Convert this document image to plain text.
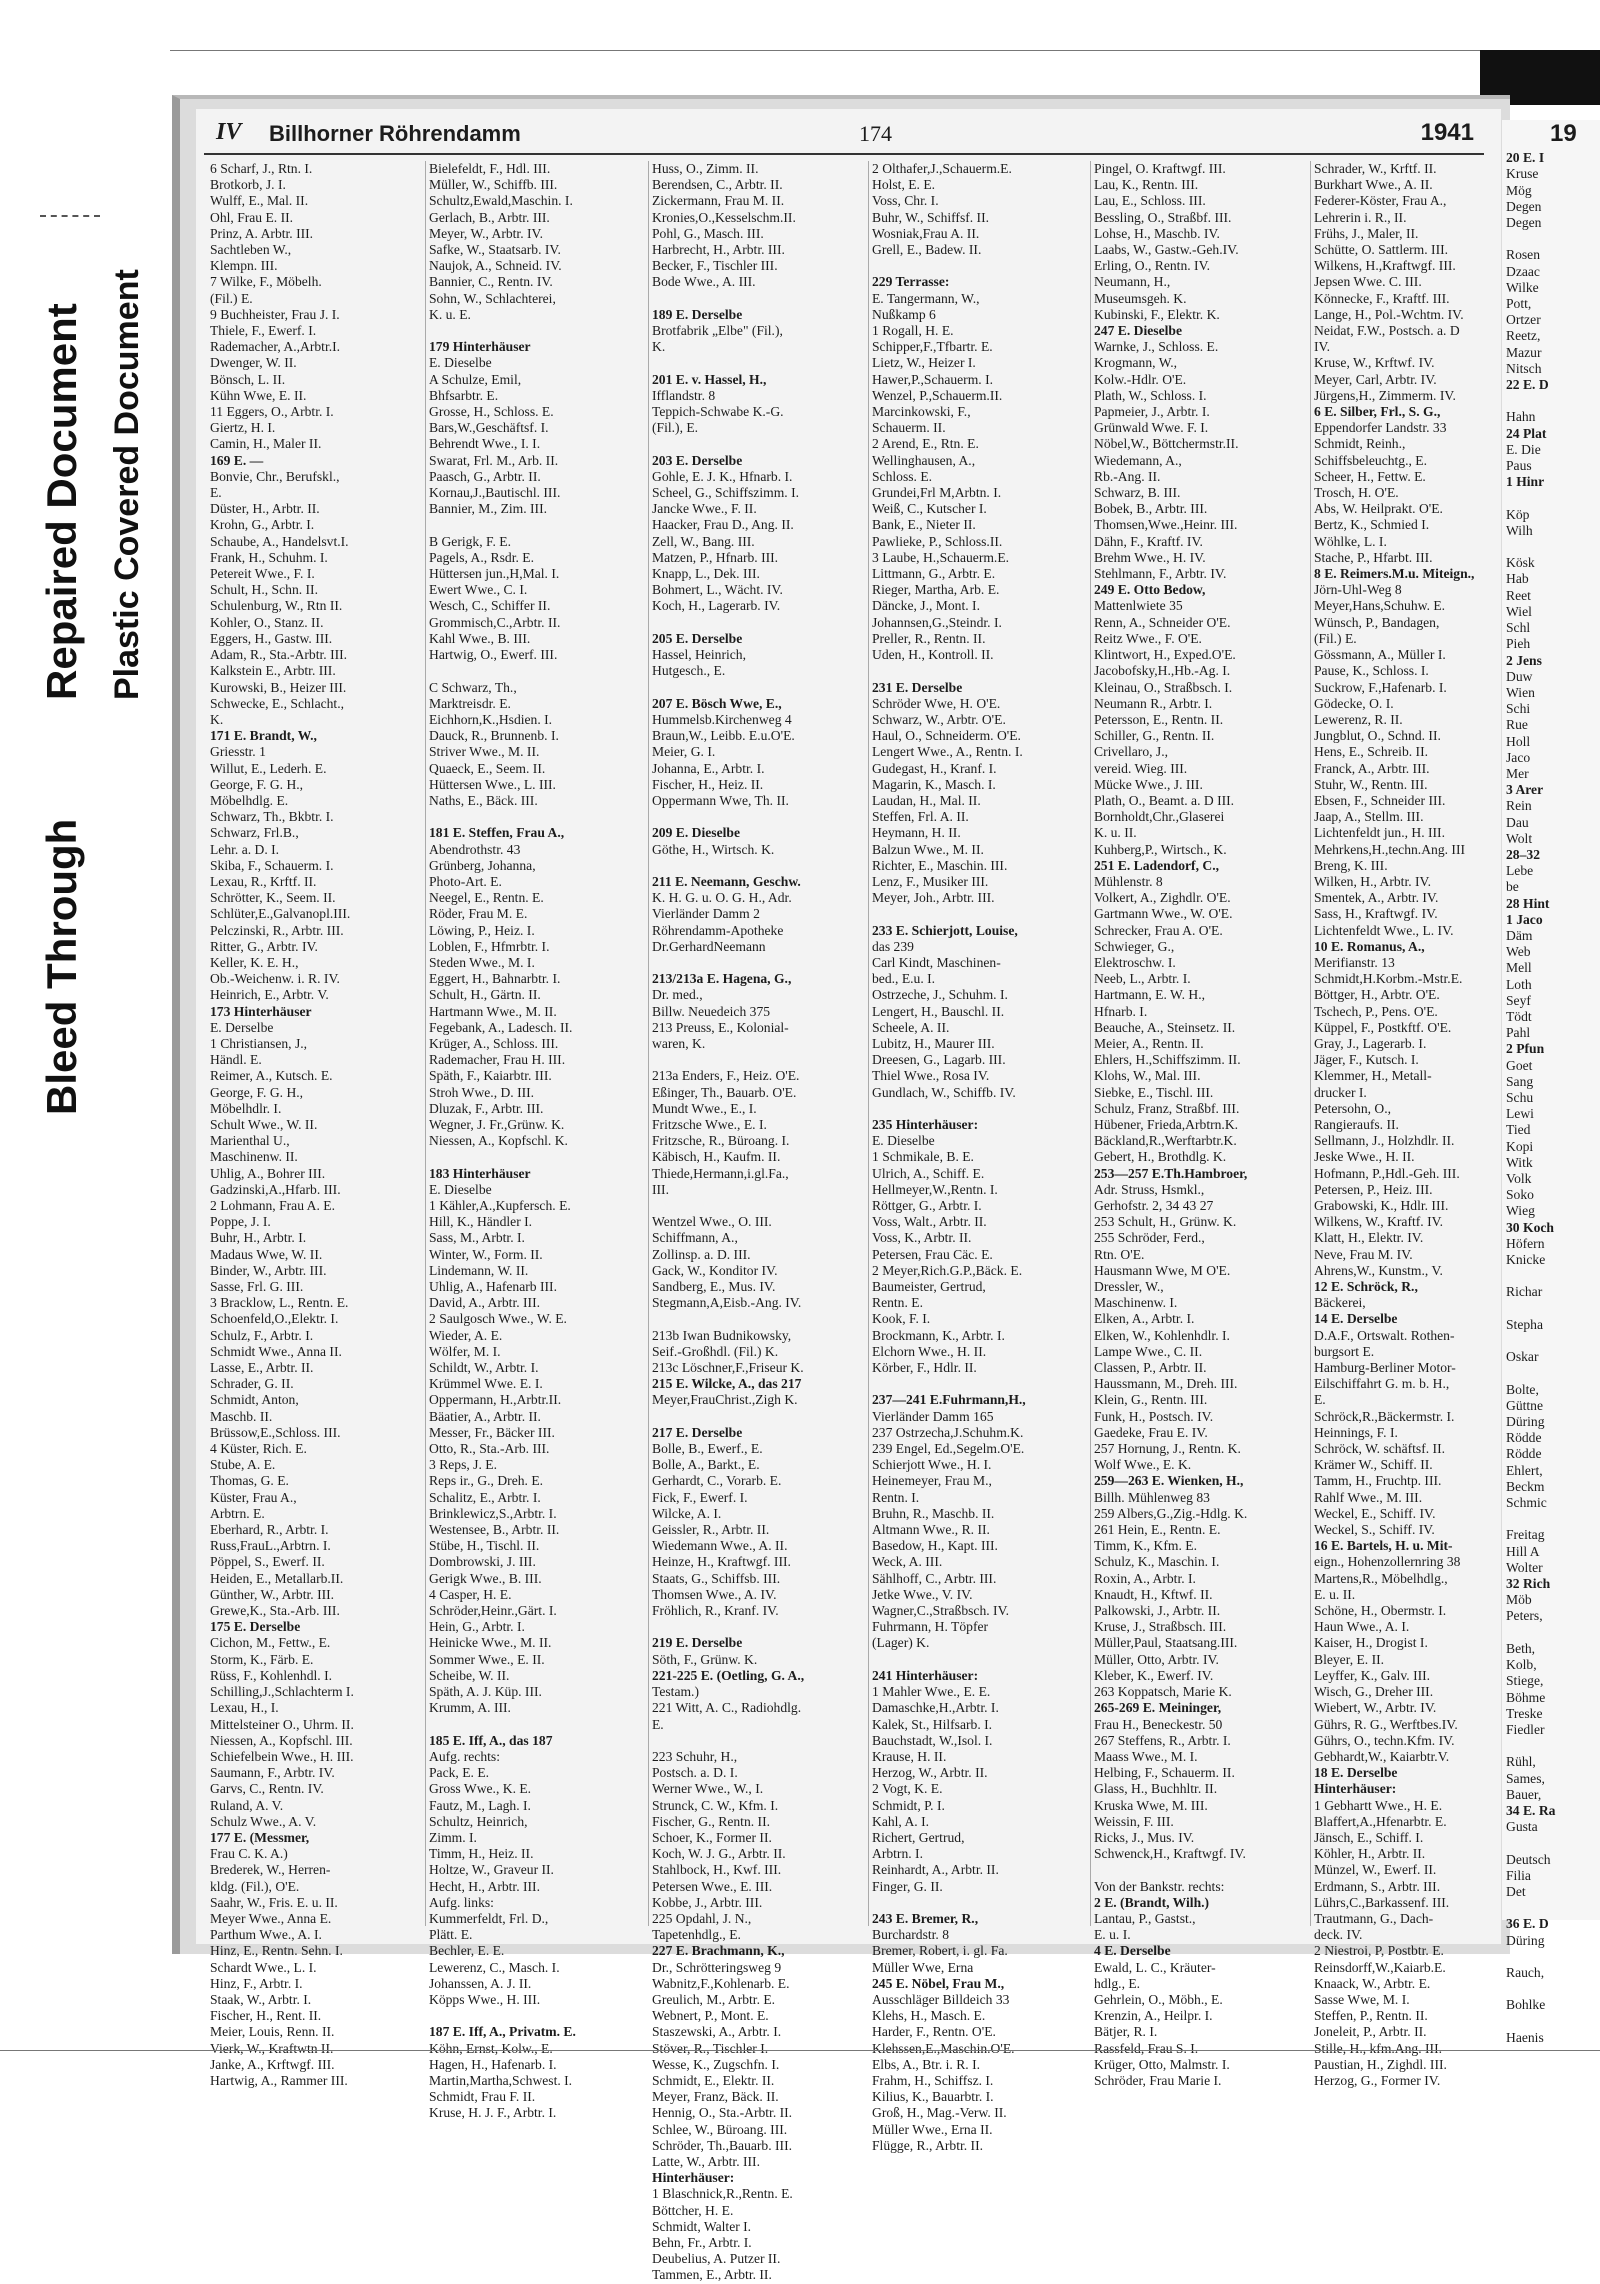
Bleed Through
Repaired Document Plastic Covered Document
IV Billhorner Röhrendamm	174	1941
6 Scharf, J., Rtn. I.
Brotkorb, J. I.
Wulff, E., Mal. II.
Ohl, Frau E. II.
Prinz, A. Arbtr. III.
Sachtleben W.,
Klempn. III.
7 Wilke, F., Möbelh.
(Fil.) E.
9 Buchheister, Frau J. I.
Thiele, F., Ewerf. I.
Rademacher, A.,Arbtr.I.
Dwenger, W. II.
Bönsch, L. II.
Kühn Wwe, E. II.
11 Eggers, O., Arbtr. I.
Giertz, H. I.
Camin, H., Maler II.
169 E. —
Bonvie, Chr., Berufskl.,
E.
Düster, H., Arbtr. II.
Krohn, G., Arbtr. I.
Schaube, A., Handelsvt.I.
Frank, H., Schuhm. I.
Petereit Wwe., F. I.
Schult, H., Schn. II.
Schulenburg, W., Rtn II.
Kohler, O., Stanz. II.
Eggers, H., Gastw. III.
Adam, R., Sta.-Arbtr. III.
Kalkstein E., Arbtr. III.
Kurowski, B., Heizer III.
Schwecke, E., Schlacht.,
K.
171 E. Brandt, W.,
Griesstr. 1
Willut, E., Lederh. E.
George, F. G. H.,
Möbelhdlg. E.
Schwarz, Th., Bkbtr. I.
Schwarz, Frl.B.,
Lehr. a. D. I.
Skiba, F., Schauerm. I.
Lexau, R., Krftf. II.
Schrötter, K., Seem. II.
Schlüter,E.,Galvanopl.III.
Pelczinski, R., Arbtr. III.
Ritter, G., Arbtr. IV.
Keller, K. E. H.,
Ob.-Weichenw. i. R. IV.
Heinrich, E., Arbtr. V.
173 Hinterhäuser
E. Derselbe
1 Christiansen, J.,
Händl. E.
Reimer, A., Kutsch. E.
George, F. G. H.,
Möbelhdlr. I.
Schult Wwe., W. II.
Marienthal U.,
Maschinenw. II.
Uhlig, A., Bohrer III.
Gadzinski,A.,Hfarb. III.
2 Lohmann, Frau A. E.
Poppe, J. I.
Buhr, H., Arbtr. I.
Madaus Wwe, W. II.
Binder, W., Arbtr. III.
Sasse, Frl. G. III.
3 Bracklow, L., Rentn. E.
Schoenfeld,O.,Elektr. I.
Schulz, F., Arbtr. I.
Schmidt Wwe., Anna II.
Lasse, E., Arbtr. II.
Schrader, G. II.
Schmidt, Anton,
Maschb. II.
Brüssow,E.,Schloss. III.
4 Küster, Rich. E.
Stube, A. E.
Thomas, G. E.
Küster, Frau A.,
Arbtrn. E.
Eberhard, R., Arbtr. I.
Russ,FrauL.,Arbtrn. I.
Pöppel, S., Ewerf. II.
Heiden, E., Metallarb.II.
Günther, W., Arbtr. III.
Grewe,K., Sta.-Arb. III.
175 E. Derselbe
Cichon, M., Fettw., E.
Storm, K., Färb. E.
Rüss, F., Kohlenhdl. I.
Schilling,J.,Schlachterm I.
Lexau, H., I.
Mittelsteiner O., Uhrm. II.
Niessen, A., Kopfschl. III.
Schiefelbein Wwe., H. III.
Saumann, F., Arbtr. IV.
Garvs, C., Rentn. IV.
Ruland, A. V.
Schulz Wwe., A. V.
177 E. (Messmer,
Frau C. K. A.)
Brederek, W., Herren-
kldg. (Fil.), O'E.
Saahr, W., Fris. E. u. II.
Meyer Wwe., Anna E.
Parthum Wwe., A. I.
Hinz, E., Rentn. Sehn. I.
Schardt Wwe., L. I.
Hinz, F., Arbtr. I.
Staak, W., Arbtr. I.
Fischer, H., Rent. II.
Meier, Louis, Renn. II.
Vierk, W., Kraftwtn II.
Janke, A., Krftwgf. III.
Hartwig, A., Rammer III.
Bielefeldt, F., Hdl. III.
Müller, W., Schiffb. III.
Schultz,Ewald,Maschin. I.
Gerlach, B., Arbtr. III.
Meyer, W., Arbtr. IV.
Safke, W., Staatsarb. IV.
Naujok, A., Schneid. IV.
Bannier, C., Rentn. IV.
Sohn, W., Schlachterei,
K. u. E.

179 Hinterhäuser
E. Dieselbe
A Schulze, Emil,
Bhfsarbtr. E.
Grosse, H., Schloss. E.
Bars,W.,Geschäftsf. I.
Behrendt Wwe., I. I.
Swarat, Frl. M., Arb. II.
Paasch, G., Arbtr. II.
Kornau,J.,Bautischl. III.
Bannier, M., Zim. III.

B Gerigk, F. E.
Pagels, A., Rsdr. E.
Hüttersen jun.,H,Mal. I.
Ewert Wwe., C. I.
Wesch, C., Schiffer II.
Grommisch,C.,Arbtr. II.
Kahl Wwe., B. III.
Hartwig, O., Ewerf. III.

C Schwarz, Th.,
Marktreisdr. E.
Eichhorn,K.,Hsdien. I.
Dauck, R., Brunnenb. I.
Striver Wwe., M. II.
Quaeck, E., Seem. II.
Hüttersen Wwe., L. III.
Naths, E., Bäck. III.

181 E. Steffen, Frau A.,
Abendrothstr. 43
Grünberg, Johanna,
Photo-Art. E.
Neegel, E., Rentn. E.
Röder, Frau M. E.
Löwing, P., Heiz. I.
Loblen, F., Hfmrbtr. I.
Steden Wwe., M. I.
Eggert, H., Bahnarbtr. I.
Schult, H., Gärtn. II.
Hartmann Wwe., M. II.
Fegebank, A., Ladesch. II.
Krüger, A., Schloss. III.
Rademacher, Frau H. III.
Späth, F., Kaiarbtr. III.
Stroh Wwe., D. III.
Dluzak, F., Arbtr. III.
Wegner, J. Fr.,Grünw. K.
Niessen, A., Kopfschl. K.

183 Hinterhäuser
E. Dieselbe
1 Kähler,A.,Kupfersch. E.
Hill, K., Händler I.
Sass, M., Arbtr. I.
Winter, W., Form. II.
Lindemann, W. II.
Uhlig, A., Hafenarb III.
David, A., Arbtr. III.
2 Saulgosch Wwe., W. E.
Wieder, A. E.
Wölfer, M. I.
Schildt, W., Arbtr. I.
Krümmel Wwe. E. I.
Oppermann, H.,Arbtr.II.
Bäatier, A., Arbtr. II.
Messer, Fr., Bäcker III.
Otto, R., Sta.-Arb. III.
3 Reps, J. E.
Reps ir., G., Dreh. E.
Schalitz, E., Arbtr. I.
Brinklewicz,S.,Arbtr. I.
Westensee, B., Arbtr. II.
Stübe, H., Tischl. II.
Dombrowski, J. III.
Gerigk Wwe., B. III.
4 Casper, H. E.
Schröder,Heinr.,Gärt. I.
Hein, G., Arbtr. I.
Heinicke Wwe., M. II.
Sommer Wwe., E. II.
Scheibe, W. II.
Späth, A. J. Küp. III.
Krumm, A. III.

185 E. Iff, A., das 187
Aufg. rechts:
Pack, E. E.
Gross Wwe., K. E.
Fautz, M., Lagh. I.
Schultz, Heinrich,
Zimm. I.
Timm, H., Heiz. II.
Holtze, W., Graveur II.
Hecht, H., Arbtr. III.
Aufg. links:
Kummerfeldt, Frl. D.,
Plätt. E.
Bechler, E. E.
Lewerenz, C., Masch. I.
Johanssen, A. J. II.
Köpps Wwe., H. III.

187 E. Iff, A., Privatm. E.
Köhn, Ernst, Kolw., E.
Hagen, H., Hafenarb. I.
Martin,Martha,Schwest. I.
Schmidt, Frau F. II.
Kruse, H. J. F., Arbtr. I.
Huss, O., Zimm. II.
Berendsen, C., Arbtr. II.
Zickermann, Frau M. II.
Kronies,O.,Kesselschm.II.
Pohl, G., Masch. III.
Harbrecht, H., Arbtr. III.
Becker, F., Tischler III.
Bode Wwe., A. III.

189 E. Derselbe
Brotfabrik „Elbe" (Fil.),
K.

201 E. v. Hassel, H.,
Ifflandstr. 8
Teppich-Schwabe K.-G.
(Fil.), E.

203 E. Derselbe
Gohle, E. J. K., Hfnarb. I.
Scheel, G., Schiffszimm. I.
Jancke Wwe., F. II.
Haacker, Frau D., Ang. II.
Zell, W., Bang. III.
Matzen, P., Hfnarb. III.
Knapp, L., Dek. III.
Bohmert, L., Wächt. IV.
Koch, H., Lagerarb. IV.

205 E. Derselbe
Hassel, Heinrich,
Hutgesch., E.

207 E. Bösch Wwe, E.,
Hummelsb.Kirchenweg 4
Braun,W., Leibb. E.u.O'E.
Meier, G. I.
Johanna, E., Arbtr. I.
Fischer, H., Heiz. II.
Oppermann Wwe, Th. II.

209 E. Dieselbe
Göthe, H., Wirtsch. K.

211 E. Neemann, Geschw.
K. H. G. u. O. G. H., Adr.
Vierländer Damm 2
Röhrendamm-Apotheke
Dr.GerhardNeemann

213/213a E. Hagena, G.,
Dr. med.,
Billw. Neuedeich 375
213 Preuss, E., Kolonial-
waren, K.

213a Enders, F., Heiz. O'E.
Eßinger, Th., Bauarb. O'E.
Mundt Wwe., E., I.
Fritzsche Wwe., E. I.
Fritzsche, R., Büroang. I.
Käbisch, H., Kaufm. II.
Thiede,Hermann,i.gl.Fa.,
III.

Wentzel Wwe., O. III.
Schiffmann, A.,
Zollinsp. a. D. III.
Gack, W., Konditor IV.
Sandberg, E., Mus. IV.
Stegmann,A,Eisb.-Ang. IV.

213b Iwan Budnikowsky,
Seif.-Großhdl. (Fil.) K.
213c Löschner,F.,Friseur K.
215 E. Wilcke, A., das 217
Meyer,FrauChrist.,Zigh K.

217 E. Derselbe
Bolle, B., Ewerf., E.
Bolle, A., Barkt., E.
Gerhardt, C., Vorarb. E.
Fick, F., Ewerf. I.
Wilcke, A. I.
Geissler, R., Arbtr. II.
Wiedemann Wwe., A. II.
Heinze, H., Kraftwgf. III.
Staats, G., Schiffsb. III.
Thomsen Wwe., A. IV.
Fröhlich, R., Kranf. IV.

219 E. Derselbe
Söth, F., Grünw. K.
221-225 E. (Oetling, G. A.,
Testam.)
221 Witt, A. C., Radiohdlg.
E.

223 Schuhr, H.,
Postsch. a. D. I.
Werner Wwe., W., I.
Strunck, C. W., Kfm. I.
Fischer, G., Rentn. II.
Schoer, K., Former II.
Koch, W. J. G., Arbtr. II.
Stahlbock, H., Kwf. III.
Petersen Wwe., E. III.
Kobbe, J., Arbtr. III.
225 Opdahl, J. N.,
Tapetenhdlg., E.
227 E. Brachmann, K.,
Dr., Schrötteringsweg 9
Wabnitz,F.,Kohlenarb. E.
Greulich, M., Arbtr. E.
Webnert, P., Mont. E.
Staszewski, A., Arbtr. I.
Stöver, R., Tischler I.
Wesse, K., Zugschfn. I.
Schmidt, E., Elektr. II.
Meyer, Franz, Bäck. II.
Hennig, O., Sta.-Arbtr. II.
Schlee, W., Büroang. III.
Schröder, Th.,Bauarb. III.
Latte, W., Arbtr. III.
Hinterhäuser:
1 Blaschnick,R.,Rentn. E.
Böttcher, H. E.
Schmidt, Walter I.
Behn, Fr., Arbtr. I.
Deubelius, A. Putzer II.
Tammen, E., Arbtr. II.
2 Olthafer,J.,Schauerm.E.
Holst, E. E.
Voss, Chr. I.
Buhr, W., Schiffsf. II.
Wosniak,Frau A. II.
Grell, E., Badew. II.

229 Terrasse:
E. Tangermann, W.,
Nußkamp 6
1 Rogall, H. E.
Schipper,F.,Tfbartr. E.
Lietz, W., Heizer I.
Hawer,P.,Schauerm. I.
Wenzel, P.,Schauerm.II.
Marcinkowski, F.,
Schauerm. II.
2 Arend, E., Rtn. E.
Wellinghausen, A.,
Schloss. E.
Grundei,Frl M,Arbtn. I.
Weiß, C., Kutscher I.
Bank, E., Nieter II.
Pawlieke, P., Schloss.II.
3 Laube, H.,Schauerm.E.
Littmann, G., Arbtr. E.
Rieger, Martha, Arb. E.
Däncke, J., Mont. I.
Johannsen,G.,Steindr. I.
Preller, R., Rentn. II.
Uden, H., Kontroll. II.

231 E. Derselbe
Schröder Wwe, H. O'E.
Schwarz, W., Arbtr. O'E.
Haul, O., Schneiderm. O'E.
Lengert Wwe., A., Rentn. I.
Gudegast, H., Kranf. I.
Magarin, K., Masch. I.
Laudan, H., Mal. II.
Steffen, Frl. A. II.
Heymann, H. II.
Balzun Wwe., M. II.
Richter, E., Maschin. III.
Lenz, F., Musiker III.
Meyer, Joh., Arbtr. III.

233 E. Schierjott, Louise,
das 239
Carl Kindt, Maschinen-
bed., E.u. I.
Ostrzeche, J., Schuhm. I.
Lengert, H., Bauschl. II.
Scheele, A. II.
Lubitz, H., Maurer III.
Dreesen, G., Lagarb. III.
Thiel Wwe., Rosa IV.
Gundlach, W., Schiffb. IV.

235 Hinterhäuser:
E. Dieselbe
1 Schmikale, B. E.
Ulrich, A., Schiff. E.
Hellmeyer,W.,Rentn. I.
Röttger, G., Arbtr. I.
Voss, Walt., Arbtr. II.
Voss, K., Arbtr. II.
Petersen, Frau Cäc. E.
2 Meyer,Rich.G.P.,Bäck. E.
Baumeister, Gertrud,
Rentn. E.
Kook, F. I.
Brockmann, K., Arbtr. I.
Elchorn Wwe., H. II.
Körber, F., Hdlr. II.

237—241 E.Fuhrmann,H.,
Vierländer Damm 165
237 Ostrzecha,J.Schuhm.K.
239 Engel, Ed.,Segelm.O'E.
Schierjott Wwe., H. I.
Heinemeyer, Frau M.,
Rentn. I.
Bruhn, R., Maschb. II.
Altmann Wwe., R. II.
Basedow, H., Kapt. III.
Weck, A. III.
Sählhoff, C., Arbtr. III.
Jetke Wwe., V. IV.
Wagner,C.,Straßbsch. IV.
Fuhrmann, H. Töpfer
(Lager) K.

241 Hinterhäuser:
1 Mahler Wwe., E. E.
Damaschke,H.,Arbtr. I.
Kalek, St., Hilfsarb. I.
Bauchstadt, W.,Isol. I.
Krause, H. II.
Herzog, W., Arbtr. II.
2 Vogt, K. E.
Schmidt, P. I.
Kahl, A. I.
Richert, Gertrud,
Arbtrn. I.
Reinhardt, A., Arbtr. II.
Finger, G. II.

243 E. Bremer, R.,
Burchardstr. 8
Bremer, Robert, i. gl. Fa.
Müller Wwe, Erna
245 E. Nöbel, Frau M.,
Ausschläger Billdeich 33
Klehs, H., Masch. E.
Harder, F., Rentn. O'E.
Klehssen,E.,Maschin.O'E.
Elbs, A., Btr. i. R. I.
Frahm, H., Schiffsz. I.
Kilius, K., Bauarbtr. I.
Groß, H., Mag.-Verw. II.
Müller Wwe., Erna II.
Flügge, R., Arbtr. II.
Pingel, O. Kraftwgf. III.
Lau, K., Rentn. III.
Lau, E., Schloss. III.
Bessling, O., Straßbf. III.
Lohse, H., Maschb. IV.
Laabs, W., Gastw.-Geh.IV.
Erling, O., Rentn. IV.
Neumann, H.,
Museumsgeh. K.
Kubinski, F., Elektr. K.
247 E. Dieselbe
Warnke, J., Schloss. E.
Krogmann, W.,
Kolw.-Hdlr. O'E.
Plath, W., Schloss. I.
Papmeier, J., Arbtr. I.
Grünwald Wwe. F. I.
Nöbel,W., Böttchermstr.II.
Wiedemann, A.,
Rb.-Ang. II.
Schwarz, B. III.
Bobek, B., Arbtr. III.
Thomsen,Wwe.,Heinr. III.
Dähn, F., Kraftf. IV.
Brehm Wwe., H. IV.
Stehlmann, F., Arbtr. IV.
249 E. Otto Bedow,
Mattenlwiete 35
Renn, A., Schneider O'E.
Reitz Wwe., F. O'E.
Klintwort, H., Exped.O'E.
Jacobofsky,H.,Hb.-Ag. I.
Kleinau, O., Straßbsch. I.
Neumann R., Arbtr. I.
Petersson, E., Rentn. II.
Schiller, G., Rentn. II.
Crivellaro, J.,
vereid. Wieg. III.
Mücke Wwe., J. III.
Plath, O., Beamt. a. D III.
Bornholdt,Chr.,Glaserei
K. u. II.
Kuhberg,P., Wirtsch., K.
251 E. Ladendorf, C.,
Mühlenstr. 8
Volkert, A., Zighdlr. O'E.
Gartmann Wwe., W. O'E.
Schrecker, Frau A. O'E.
Schwieger, G.,
Elektroschw. I.
Neeb, L., Arbtr. I.
Hartmann, E. W. H.,
Hfnarb. I.
Beauche, A., Steinsetz. II.
Meier, A., Rentn. II.
Ehlers, H.,Schiffszimm. II.
Klohs, W., Mal. III.
Siebke, E., Tischl. III.
Schulz, Franz, Straßbf. III.
Hübener, Frieda,Arbtrn.K.
Bäckland,R.,Werftarbtr.K.
Gebert, H., Brothdlg. K.
253—257 E.Th.Hambroer,
Adr. Struss, Hsmkl.,
Gerhofstr. 2, 34 43 27
253 Schult, H., Grünw. K.
255 Schröder, Ferd.,
Rtn. O'E.
Hausmann Wwe, M O'E.
Dressler, W.,
Maschinenw. I.
Elken, A., Arbtr. I.
Elken, W., Kohlenhdlr. I.
Lampe Wwe., C. II.
Classen, P., Arbtr. II.
Haussmann, M., Dreh. III.
Klein, G., Rentn. III.
Funk, H., Postsch. IV.
Gaedeke, Frau E. IV.
257 Hornung, J., Rentn. K.
Wolf Wwe., E. K.
259—263 E. Wienken, H.,
Billh. Mühlenweg 83
259 Albers,G.,Zig.-Hdlg. K.
261 Hein, E., Rentn. E.
Timm, K., Kfm. E.
Schulz, K., Maschin. I.
Roxin, A., Arbtr. I.
Knaudt, H., Kftwf. II.
Palkowski, J., Arbtr. II.
Kruse, J., Straßbsch. III.
Müller,Paul, Staatsang.III.
Müller, Otto, Arbtr. IV.
Kleber, K., Ewerf. IV.
263 Koppatsch, Marie K.
265-269 E. Meininger,
Frau H., Beneckestr. 50
267 Steffens, R., Arbtr. I.
Maass Wwe., M. I.
Helbing, F., Schauerm. II.
Glass, H., Buchhltr. II.
Kruska Wwe, M. III.
Weissin, F. III.
Ricks, J., Mus. IV.
Schwenck,H., Kraftwgf. IV.

Von der Bankstr. rechts:
2 E. (Brandt, Wilh.)
Lantau, P., Gastst.,
E. u. I.
4 E. Derselbe
Ewald, L. C., Kräuter-
hdlg., E.
Gehrlein, O., Möbh., E.
Krenzin, A., Heilpr. I.
Bätjer, R. I.
Rassfeld, Frau S. I.
Krüger, Otto, Malmstr. I.
Schröder, Frau Marie I.
Schrader, W., Krftf. II.
Burkhart Wwe., A. II.
Federer-Köster, Frau A.,
Lehrerin i. R., II.
Frühs, J., Maler, II.
Schütte, O. Sattlerm. III.
Wilkens, H.,Kraftwgf. III.
Jepsen Wwe. C. III.
Könnecke, F., Kraftf. III.
Lange, H., Pol.-Wchtm. IV.
Neidat, F.W., Postsch. a. D
IV.
Kruse, W., Krftwf. IV.
Meyer, Carl, Arbtr. IV.
Jürgens,H., Zimmerm. IV.
6 E. Silber, Frl., S. G.,
Eppendorfer Landstr. 33
Schmidt, Reinh.,
Schiffsbeleuchtg., E.
Scheer, H., Fettw. E.
Trosch, H. O'E.
Abs, W. Heilprakt. O'E.
Bertz, K., Schmied I.
Wöhlke, L. I.
Stache, P., Hfarbt. III.
8 E. Reimers.M.u. Miteign.,
Jörn-Uhl-Weg 8
Meyer,Hans,Schuhw. E.
Wünsch, P., Bandagen,
(Fil.) E.
Gössmann, A., Müller I.
Pause, K., Schloss. I.
Suckrow, F.,Hafenarb. I.
Gödecke, O. I.
Lewerenz, R. II.
Jungblut, O., Schnd. II.
Hens, E., Schreib. II.
Franck, A., Arbtr. III.
Stuhr, W., Rentn. III.
Ebsen, F., Schneider III.
Jaap, A., Stellm. III.
Lichtenfeldt jun., H. III.
Mehrkens,H.,techn.Ang. III
Breng, K. III.
Wilken, H., Arbtr. IV.
Smentek, A., Arbtr. IV.
Sass, H., Kraftwgf. IV.
Lichtenfeldt Wwe., L. IV.
10 E. Romanus, A.,
Merifianstr. 13
Schmidt,H.Korbm.-Mstr.E.
Böttger, H., Arbtr. O'E.
Tschech, P., Pens. O'E.
Küppel, F., Postkftf. O'E.
Gray, J., Lagerarb. I.
Jäger, F., Kutsch. I.
Klemmer, H., Metall-
drucker I.
Petersohn, O.,
Rangieraufs. II.
Sellmann, J., Holzhdlr. II.
Jeske Wwe., H. II.
Hofmann, P.,Hdl.-Geh. III.
Petersen, P., Heiz. III.
Grabowski, K., Hdlr. III.
Wilkens, W., Kraftf. IV.
Klatt, H., Elektr. IV.
Neve, Frau M. IV.
Ahrens,W., Kunstm., V.
12 E. Schröck, R.,
Bäckerei,
14 E. Derselbe
D.A.F., Ortswalt. Rothen-
burgsort E.
Hamburg-Berliner Motor-
Eilschiffahrt G. m. b. H.,
E.
Schröck,R.,Bäckermstr. I.
Heinnings, F. I.
Schröck, W. schäftsf. II.
Krämer W., Schiff. II.
Tamm, H., Fruchtp. III.
Rahlf Wwe., M. III.
Weckel, E., Schiff. IV.
Weckel, S., Schiff. IV.
16 E. Bartels, H. u. Mit-
eign., Hohenzollernring 38
Martens,R., Möbelhdlg.,
E. u. II.
Schöne, H., Obermstr. I.
Haun Wwe., A. I.
Kaiser, H., Drogist I.
Bleyer, E. II.
Leyffer, K., Galv. III.
Wisch, G., Dreher III.
Wiebert, W., Arbtr. IV.
Gührs, R. G., Werftbes.IV.
Gührs, O., techn.Kfm. IV.
Gebhardt,W., Kaiarbtr.V.
18 E. Derselbe
Hinterhäuser:
1 Gebhartt Wwe., H. E.
Blaffert,A.,Hfenarbtr. E.
Jänsch, E., Schiff. I.
Köhler, H., Arbtr. II.
Münzel, W., Ewerf. II.
Erdmann, S., Arbtr. III.
Lührs,C.,Barkassenf. III.
Trautmann, G., Dach-
deck. IV.
2 Niestroi, P, Postbtr. E.
Reinsdorff,W.,Kaiarb.E.
Knaack, W., Arbtr. E.
Sasse Wwe, M. I.
Steffen, P., Rentn. II.
Joneleit, P., Arbtr. II.
Stille, H., kfm.Ang. III.
Paustian, H., Zighdl. III.
Herzog, G., Former IV.
19
20 E. I
Kruse
Mög
Degen
Degen

Rosen
Dzaac
Wilke
Pott,
Ortzer
Reetz,
Mazur
Nitsch
22 E. D

Hahn
24 Plat
E. Die
Paus
1 Hinr

Köp
Wilh

Kösk
Hab
Reet
Wiel
Schl
Pieh
2 Jens
Duw
Wien
Schi
Rue
Holl
Jaco
Mer
3 Arer
Rein
Dau
Wolt
28–32
Lebe
be
28 Hint
1 Jaco
Däm
Web
Mell
Loth
Seyf
Tödt
Pahl
2 Pfun
Goet
Sang
Schu
Lewi
Tied
Kopi
Witk
Volk
Soko
Wieg
30 Koch
Höfern
Knicke

Richar

Stepha

Oskar

Bolte,
Güttne
Düring
Rödde
Rödde
Ehlert,
Beckm
Schmic

Freitag
Hill A
Wolter
32 Rich
Möb
Peters,

Beth,
Kolb,
Stiege,
Böhme
Treske
Fiedler

Rühl,
Sames,
Bauer,
34 E. Ra
Gusta

Deutsch
Filia
Det

36 E. D
Düring

Rauch,

Bohlke

Haenis
